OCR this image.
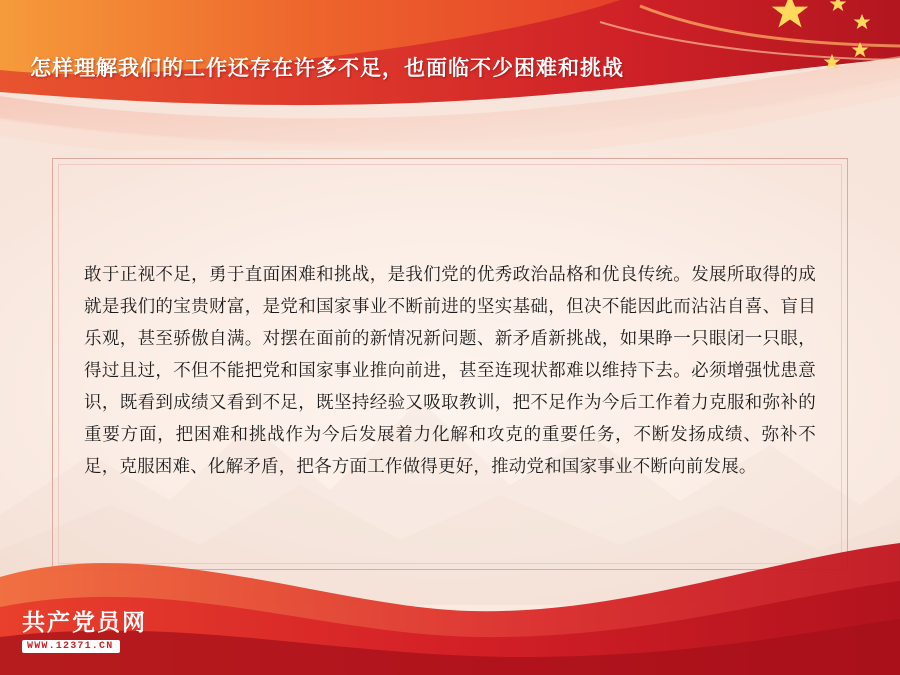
怎样理解我们的工作还存在许多不足，也面临不少困难和挑战
敢于正视不足，勇于直面困难和挑战，是我们党的优秀政治品格和优良传统。发展所取得的成就是我们的宝贵财富，是党和国家事业不断前进的坚实基础，但决不能因此而沾沾自喜、盲目乐观，甚至骄傲自满。对摆在面前的新情况新问题、新矛盾新挑战，如果睁一只眼闭一只眼，得过且过，不但不能把党和国家事业推向前进，甚至连现状都难以维持下去。必须增强忧患意识，既看到成绩又看到不足，既坚持经验又吸取教训，把不足作为今后工作着力克服和弥补的重要方面，把困难和挑战作为今后发展着力化解和攻克的重要任务，不断发扬成绩、弥补不足，克服困难、化解矛盾，把各方面工作做得更好，推动党和国家事业不断向前发展。
共产党员网
WWW.12371.CN
